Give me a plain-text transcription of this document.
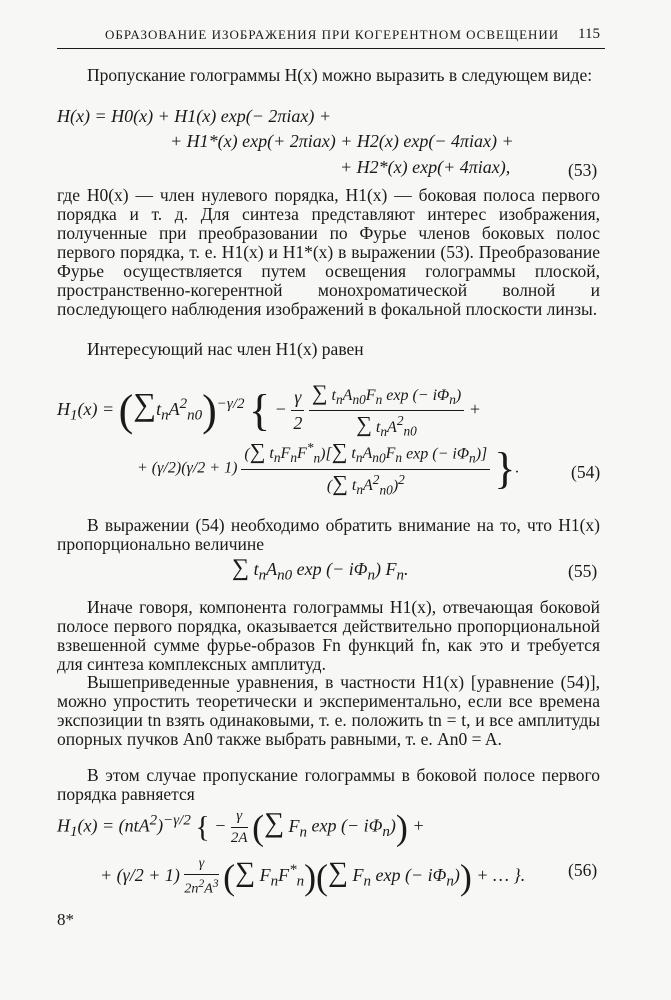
ОБРАЗОВАНИЕ ИЗОБРАЖЕНИЯ ПРИ КОГЕРЕНТНОМ ОСВЕЩЕНИИ 115

Пропускание голограммы H(x) можно выразить в следующем виде:

H(x) = H0(x) + H1(x) exp(− 2πiax) +
+ H1*(x) exp(+ 2πiax) + H2(x) exp(− 4πiax) +
+ H2*(x) exp(+ 4πiax),	(53)

где H0(x) — член нулевого порядка, H1(x) — боковая полоса первого порядка и т. д. Для синтеза представляют интерес изображения, полученные при преобразовании по Фурье членов боковых полос первого порядка, т. е. H1(x) и H1*(x) в выражении (53). Преобразование Фурье осуществляется путем освещения голограммы плоской, пространственно-когерентной монохроматической волной и последующего наблюдения изображений в фокальной плоскости линзы.

Интересующий нас член H1(x) равен

$H_1(x) = (\sum t_nA^2_{n0})^{-\gamma/2}$ { − $\frac{\gamma}{2}$
$\frac{\sum t_nA_{n0}F_n \exp (- i\Phi_n)}{\sum t_nA^2_{n0}}$ +
+ $(\gamma/2)(\gamma/2 + 1) \frac{(\sum t_nF_nF^*_n)[\sum t_nA_{n0}F_n \exp (- i\Phi_n)]}{(\sum t_nA^2_{n0})^2}$ }.	(54)

В выражении (54) необходимо обратить внимание на то, что H1(x) пропорционально величине

∑ $t_nA_{n0}$ exp (− $i\Phi_n$) $F_n$.	(55)

Иначе говоря, компонента голограммы H1(x), отвечающая боковой полосе первого порядка, оказывается действительно пропорциональной взвешенной сумме фурье-образов Fn функций fn, как это и требуется для синтеза комплексных амплитуд.

Вышеприведенные уравнения, в частности H1(x) [уравнение (54)], можно упростить теоретически и экспериментально, если все времена экспозиции tn взять одинаковыми, т. е. положить tn = t, и все амплитуды опорных пучков An0 также выбрать равными, т. е. An0 = A.

В этом случае пропускание голограммы в боковой полосе первого порядка равняется

$H_1(x) = (ntA^2)^{-\gamma/2}$ { − $\frac{\gamma}{2A}$ (∑ $F_n$ exp (− $i\Phi_n$)) +
+ $(\gamma/2 + 1) \frac{\gamma}{2n^2A^3}$ (∑ $F_nF^*_n)(\sum$ $F_n$ exp (− $i\Phi_n$)) + … }. (56)
8*
